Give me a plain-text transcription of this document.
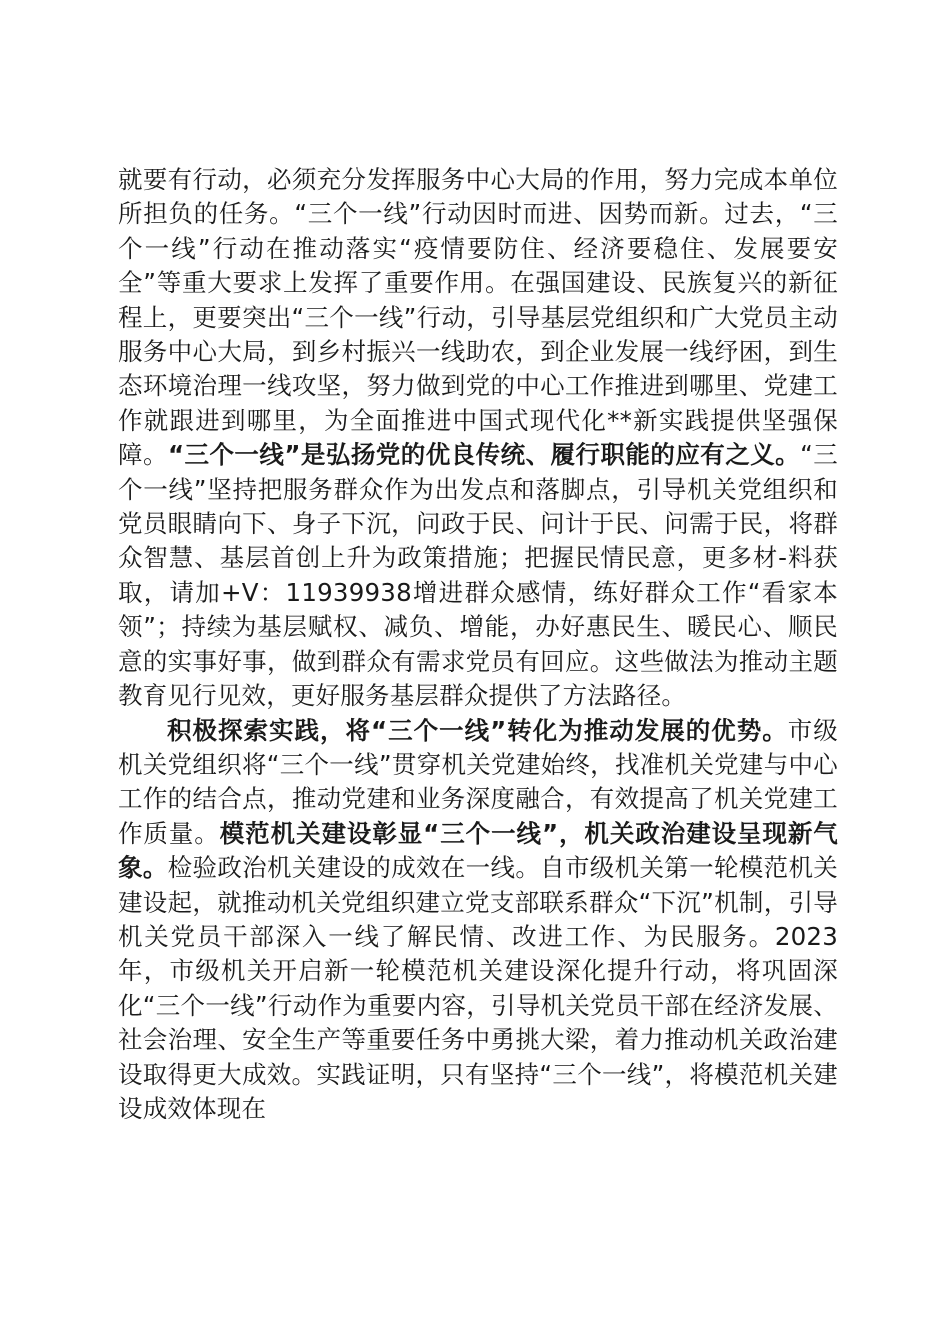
就要有行动，必须充分发挥服务中心大局的作用，努力完成本单位所担负的任务。“三个一线”行动因时而进、因势而新。过去，“三个一线”行动在推动落实“疫情要防住、经济要稳住、发展要安全”等重大要求上发挥了重要作用。在强国建设、民族复兴的新征程上，更要突出“三个一线”行动，引导基层党组织和广大党员主动服务中心大局，到乡村振兴一线助农，到企业发展一线纾困，到生态环境治理一线攻坚，努力做到党的中心工作推进到哪里、党建工作就跟进到哪里，为全面推进中国式现代化**新实践提供坚强保障。“三个一线”是弘扬党的优良传统、履行职能的应有之义。“三个一线”坚持把服务群众作为出发点和落脚点，引导机关党组织和党员眼睛向下、身子下沉，问政于民、问计于民、问需于民，将群众智慧、基层首创上升为政策措施；把握民情民意，更多材-料获取，请加+V：11939938增进群众感情，练好群众工作“看家本领”；持续为基层赋权、减负、增能，办好惠民生、暖民心、顺民意的实事好事，做到群众有需求党员有回应。这些做法为推动主题教育见行见效，更好服务基层群众提供了方法路径。

积极探索实践，将“三个一线”转化为推动发展的优势。市级机关党组织将“三个一线”贯穿机关党建始终，找准机关党建与中心工作的结合点，推动党建和业务深度融合，有效提高了机关党建工作质量。模范机关建设彰显“三个一线”，机关政治建设呈现新气象。检验政治机关建设的成效在一线。自市级机关第一轮模范机关建设起，就推动机关党组织建立党支部联系群众“下沉”机制，引导机关党员干部深入一线了解民情、改进工作、为民服务。2023年，市级机关开启新一轮模范机关建设深化提升行动，将巩固深化“三个一线”行动作为重要内容，引导机关党员干部在经济发展、社会治理、安全生产等重要任务中勇挑大梁，着力推动机关政治建设取得更大成效。实践证明，只有坚持“三个一线”，将模范机关建设成效体现在
